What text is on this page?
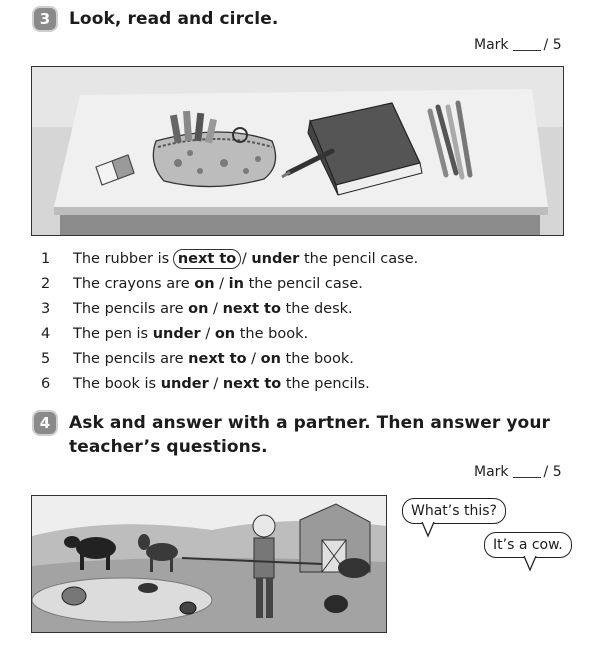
3	Look, read and circle.
Mark	/ 5
1	The rubber is next to / under the pencil case.
2	The crayons are on / in the pencil case.
3	The pencils are on / next to the desk.
4	The pen is under / on the book.
5	The pencils are next to / on the book.
6	The book is under / next to the pencils.
4	Ask and answer with a partner. Then answer your
teacher’s questions.
Mark	/ 5
What’s this?
It’s a cow.
